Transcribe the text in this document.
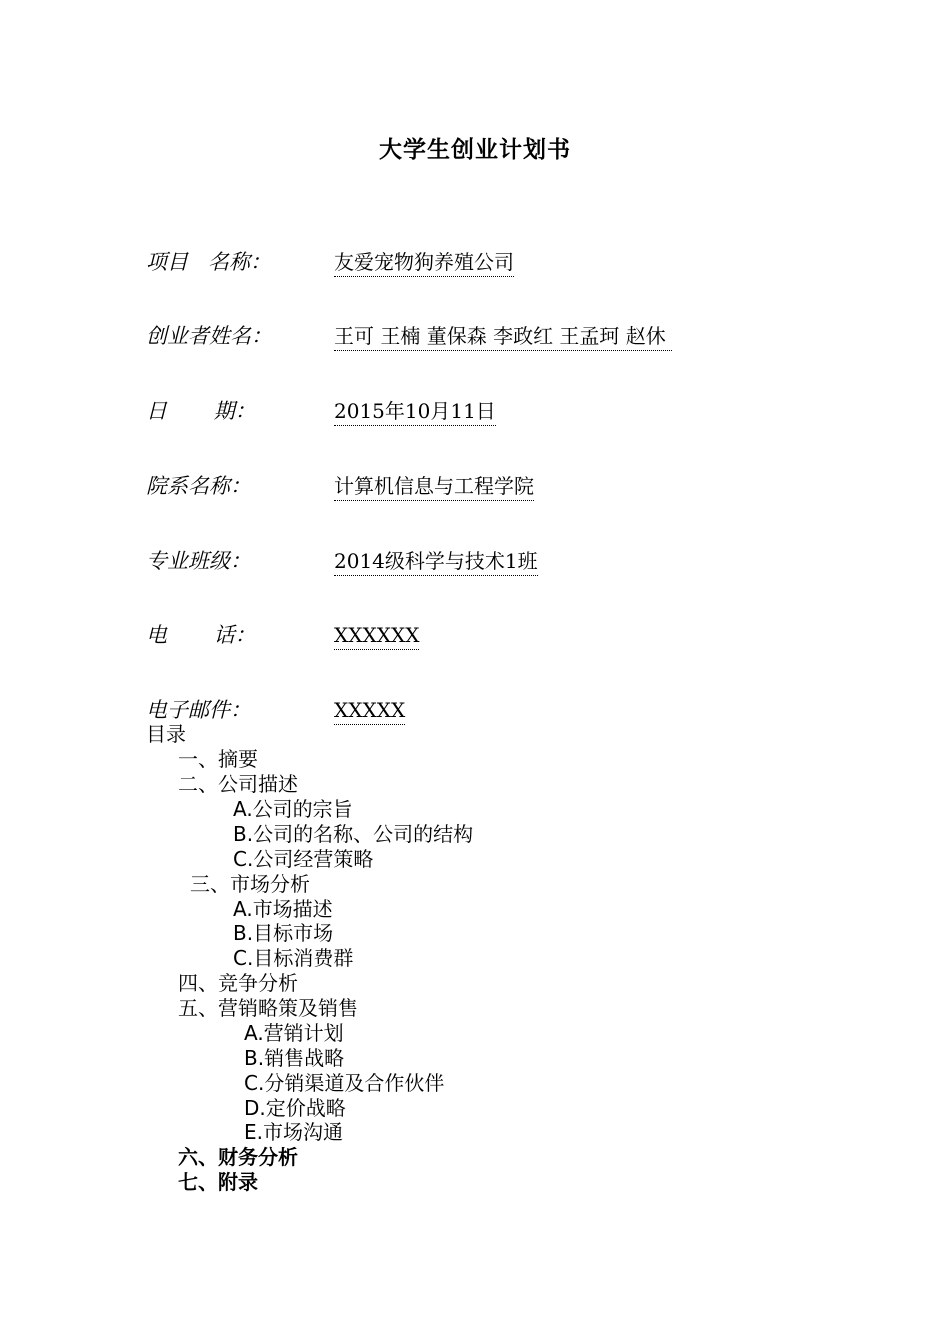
大学生创业计划书
项目   名称：	友爱宠物狗养殖公司
创业者姓名：	王可 王楠 董保森 李政红 王孟珂 赵休
日       期：	2015年10月11日
院系名称：	计算机信息与工程学院
专业班级：	2014级科学与技术1班
电       话：	XXXXXX
电子邮件：	XXXXX
目录
一、摘要
二、公司描述
A.公司的宗旨
B.公司的名称、公司的结构
C.公司经营策略
三、市场分析
A.市场描述
B.目标市场
C.目标消费群
四、竞争分析
五、营销略策及销售
A.营销计划
B.销售战略
C.分销渠道及合作伙伴
D.定价战略
E.市场沟通
六、财务分析
七、附录
